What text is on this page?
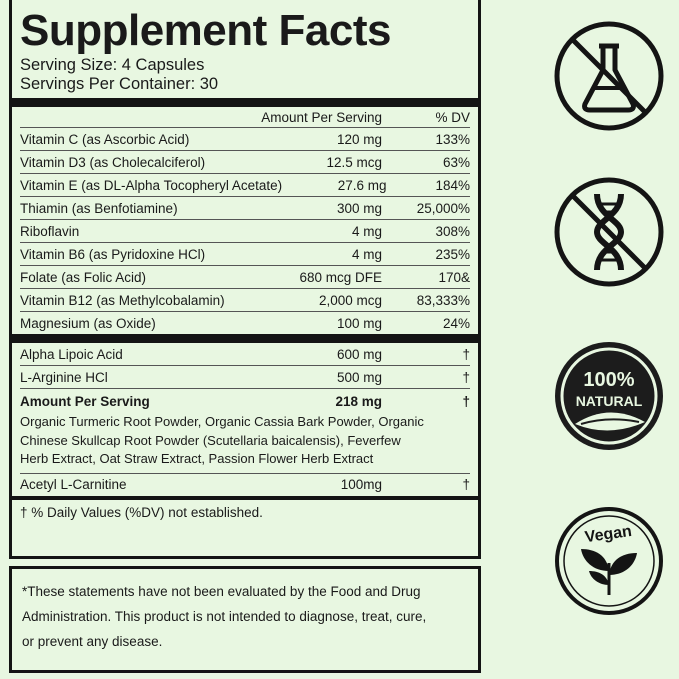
Supplement Facts
Serving Size: 4 Capsules
Servings Per Container: 30
Amount Per Serving	% DV
Vitamin C (as Ascorbic Acid)	120 mg	133%
Vitamin D3 (as Cholecalciferol)	12.5 mcg	63%
Vitamin E (as DL-Alpha Tocopheryl Acetate)	27.6 mg	184%
Thiamin (as Benfotiamine)	300 mg	25,000%
Riboflavin	4 mg	308%
Vitamin B6 (as Pyridoxine HCl)	4 mg	235%
Folate (as Folic Acid)	680 mcg DFE	170&
Vitamin B12 (as Methylcobalamin)	2,000 mcg	83,333%
Magnesium (as Oxide)	100 mg	24%
Alpha Lipoic Acid	600 mg	†
L-Arginine HCl	500 mg	†
Amount Per Serving	218 mg	†
Organic Turmeric Root Powder, Organic Cassia Bark Powder, Organic
Chinese Skullcap Root Powder (Scutellaria baicalensis), Feverfew
Herb Extract, Oat Straw Extract, Passion Flower Herb Extract
Acetyl L-Carnitine	100mg	†
† % Daily Values (%DV) not established.

*These statements have not been evaluated by the Food and Drug

Administration. This product is not intended to diagnose, treat, cure,

or prevent any disease.

100%
NATURAL
Vegan
